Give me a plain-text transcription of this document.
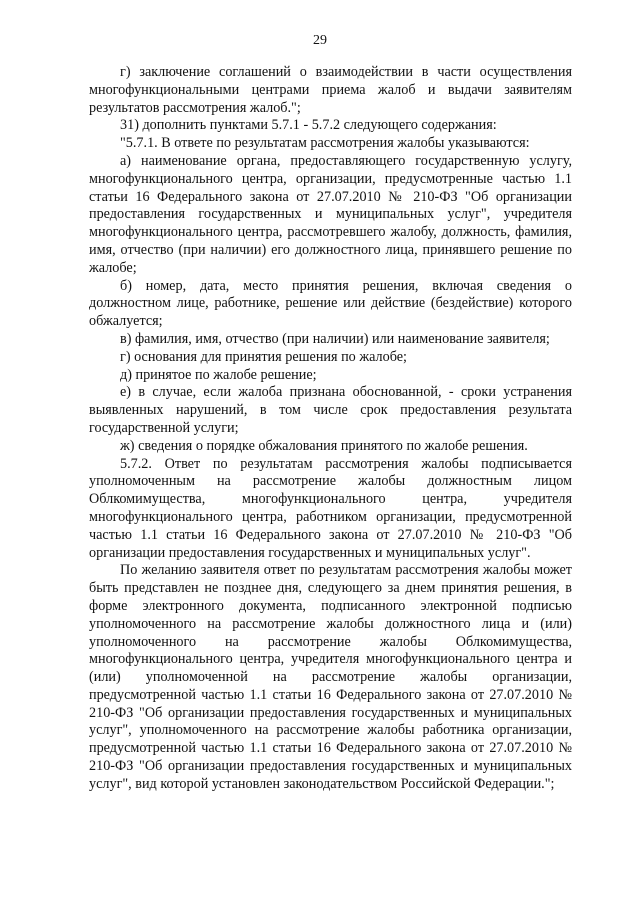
29

г) заключение соглашений о взаимодействии в части осуществления многофункциональными центрами приема жалоб и выдачи заявителям результатов рассмотрения жалоб.";

31) дополнить пунктами 5.7.1 - 5.7.2 следующего содержания:

"5.7.1. В ответе по результатам рассмотрения жалобы указываются:

а) наименование органа, предоставляющего государственную услугу, многофункционального центра, организации, предусмотренные частью 1.1 статьи 16 Федерального закона от 27.07.2010 № 210-ФЗ "Об организации предоставления государственных и муниципальных услуг", учредителя многофункционального центра, рассмотревшего жалобу, должность, фамилия, имя, отчество (при наличии) его должностного лица, принявшего решение по жалобе;

б) номер, дата, место принятия решения, включая сведения о должностном лице, работнике, решение или действие (бездействие) которого обжалуется;

в) фамилия, имя, отчество (при наличии) или наименование заявителя;

г) основания для принятия решения по жалобе;

д) принятое по жалобе решение;

е) в случае, если жалоба признана обоснованной, - сроки устранения выявленных нарушений, в том числе срок предоставления результата государственной услуги;

ж) сведения о порядке обжалования принятого по жалобе решения.

5.7.2. Ответ по результатам рассмотрения жалобы подписывается уполномоченным на рассмотрение жалобы должностным лицом Облкомимущества, многофункционального центра, учредителя многофункционального центра, работником организации, предусмотренной частью 1.1 статьи 16 Федерального закона от 27.07.2010 № 210-ФЗ "Об организации предоставления государственных и муниципальных услуг".

По желанию заявителя ответ по результатам рассмотрения жалобы может быть представлен не позднее дня, следующего за днем принятия решения, в форме электронного документа, подписанного электронной подписью уполномоченного на рассмотрение жалобы должностного лица и (или) уполномоченного на рассмотрение жалобы Облкомимущества, многофункционального центра, учредителя многофункционального центра и (или) уполномоченной на рассмотрение жалобы организации, предусмотренной частью 1.1 статьи 16 Федерального закона от 27.07.2010 № 210-ФЗ "Об организации предоставления государственных и муниципальных услуг", уполномоченного на рассмотрение жалобы работника организации, предусмотренной частью 1.1 статьи 16 Федерального закона от 27.07.2010 № 210-ФЗ "Об организации предоставления государственных и муниципальных услуг", вид которой установлен законодательством Российской Федерации.";
